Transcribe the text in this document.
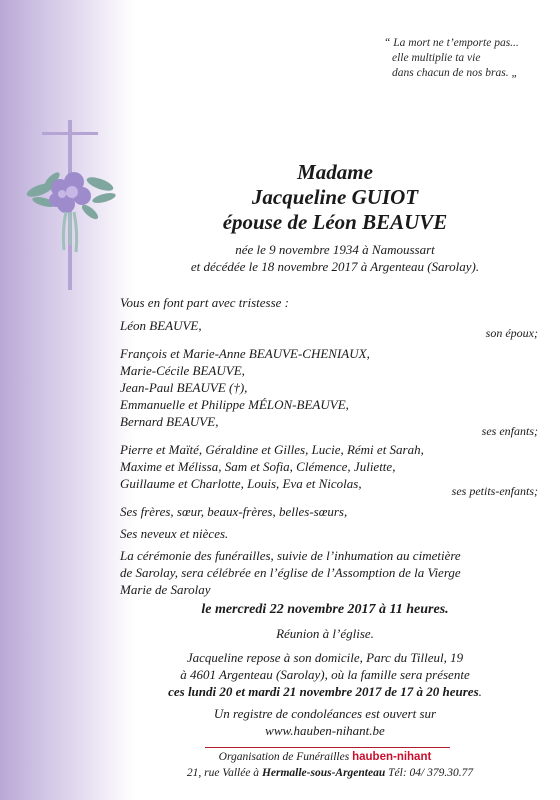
“ La mort ne t’emporte pas...
elle multiplie ta vie
dans chacun de nos bras. „
Madame
Jacqueline GUIOT
épouse de Léon BEAUVE
née le 9 novembre 1934 à Namoussart
et décédée le 18 novembre 2017 à Argenteau (Sarolay).
Vous en font part avec tristesse :
Léon BEAUVE,	son époux;
François et Marie-Anne BEAUVE-CHENIAUX,
Marie-Cécile BEAUVE,
Jean-Paul BEAUVE (†),
Emmanuelle et Philippe MÉLON-BEAUVE,
Bernard BEAUVE,
ses enfants;
Pierre et Maïté, Géraldine et Gilles, Lucie, Rémi et Sarah,
Maxime et Mélissa, Sam et Sofia, Clémence, Juliette,
Guillaume et Charlotte, Louis, Eva et Nicolas,	ses petits-enfants;
Ses frères, sœur, beaux-frères, belles-sœurs,
Ses neveux et nièces.
La cérémonie des funérailles, suivie de l’inhumation au cimetière
de Sarolay, sera célébrée en l’église de l’Assomption de la Vierge
Marie de Sarolay
le mercredi 22 novembre 2017 à 11 heures.
Réunion à l’église.
Jacqueline repose à son domicile, Parc du Tilleul, 19
à 4601 Argenteau (Sarolay), où la famille sera présente
ces lundi 20 et mardi 21 novembre 2017 de 17 à 20 heures.
Un registre de condoléances est ouvert sur
www.hauben-nihant.be
Organisation de Funérailles hauben-nihant
21, rue Vallée à Hermalle-sous-Argenteau Tél: 04/ 379.30.77
